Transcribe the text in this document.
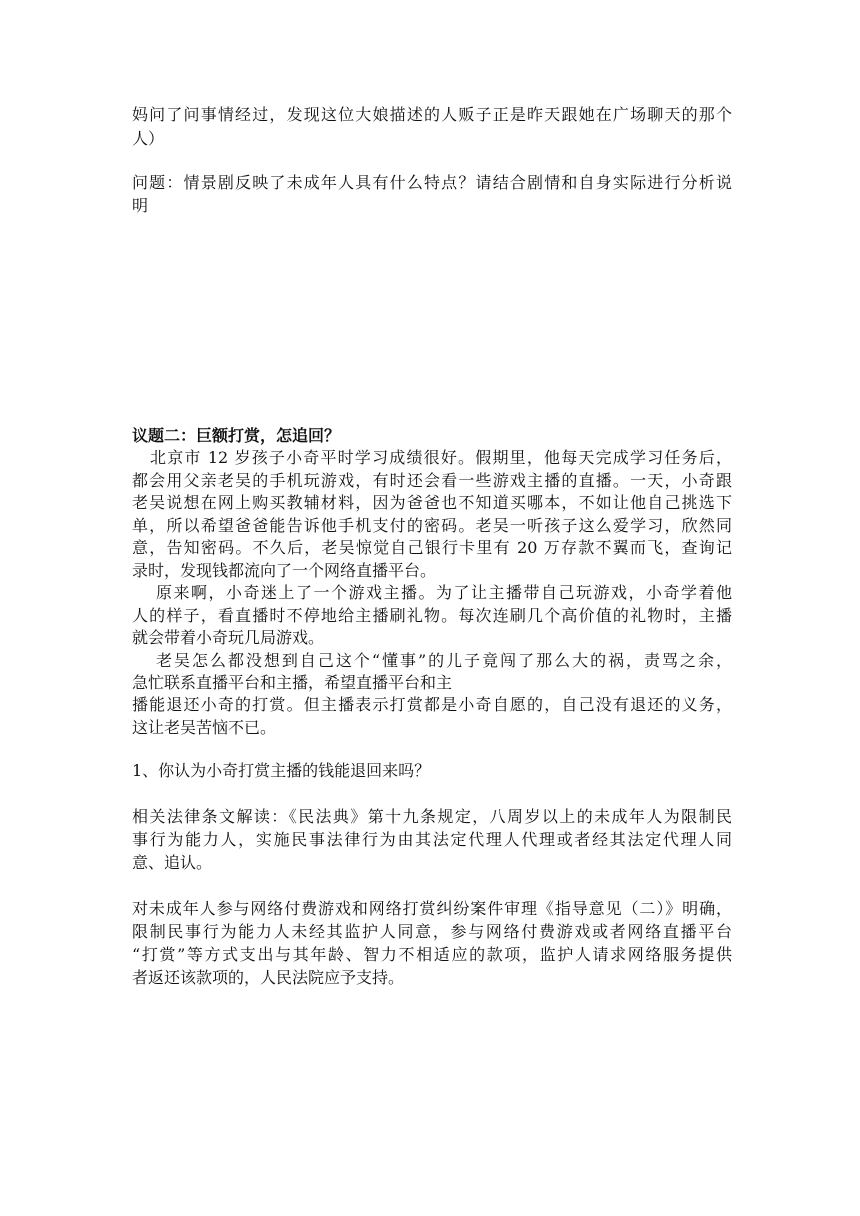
妈问了问事情经过，发现这位大娘描述的人贩子正是昨天跟她在广场聊天的那个
人）
问题：情景剧反映了未成年人具有什么特点？请结合剧情和自身实际进行分析说
明
议题二：巨额打赏，怎追回？
北京市 12 岁孩子小奇平时学习成绩很好。假期里，他每天完成学习任务后，
都会用父亲老吴的手机玩游戏，有时还会看一些游戏主播的直播。一天，小奇跟
老吴说想在网上购买教辅材料，因为爸爸也不知道买哪本，不如让他自己挑选下
单，所以希望爸爸能告诉他手机支付的密码。老吴一听孩子这么爱学习，欣然同
意，告知密码。不久后，老吴惊觉自己银行卡里有 20 万存款不翼而飞，查询记
录时，发现钱都流向了一个网络直播平台。
原来啊，小奇迷上了一个游戏主播。为了让主播带自己玩游戏，小奇学着他
人的样子，看直播时不停地给主播刷礼物。每次连刷几个高价值的礼物时，主播
就会带着小奇玩几局游戏。
老吴怎么都没想到自己这个“懂事”的儿子竟闯了那么大的祸，责骂之余，
急忙联系直播平台和主播，希望直播平台和主
播能退还小奇的打赏。但主播表示打赏都是小奇自愿的，自己没有退还的义务，
这让老吴苦恼不已。
1、你认为小奇打赏主播的钱能退回来吗？
相关法律条文解读：《民法典》第十九条规定，八周岁以上的未成年人为限制民
事行为能力人，实施民事法律行为由其法定代理人代理或者经其法定代理人同
意、追认。
对未成年人参与网络付费游戏和网络打赏纠纷案件审理《指导意见（二）》明确，
限制民事行为能力人未经其监护人同意，参与网络付费游戏或者网络直播平台
“打赏”等方式支出与其年龄、智力不相适应的款项，监护人请求网络服务提供
者返还该款项的，人民法院应予支持。
